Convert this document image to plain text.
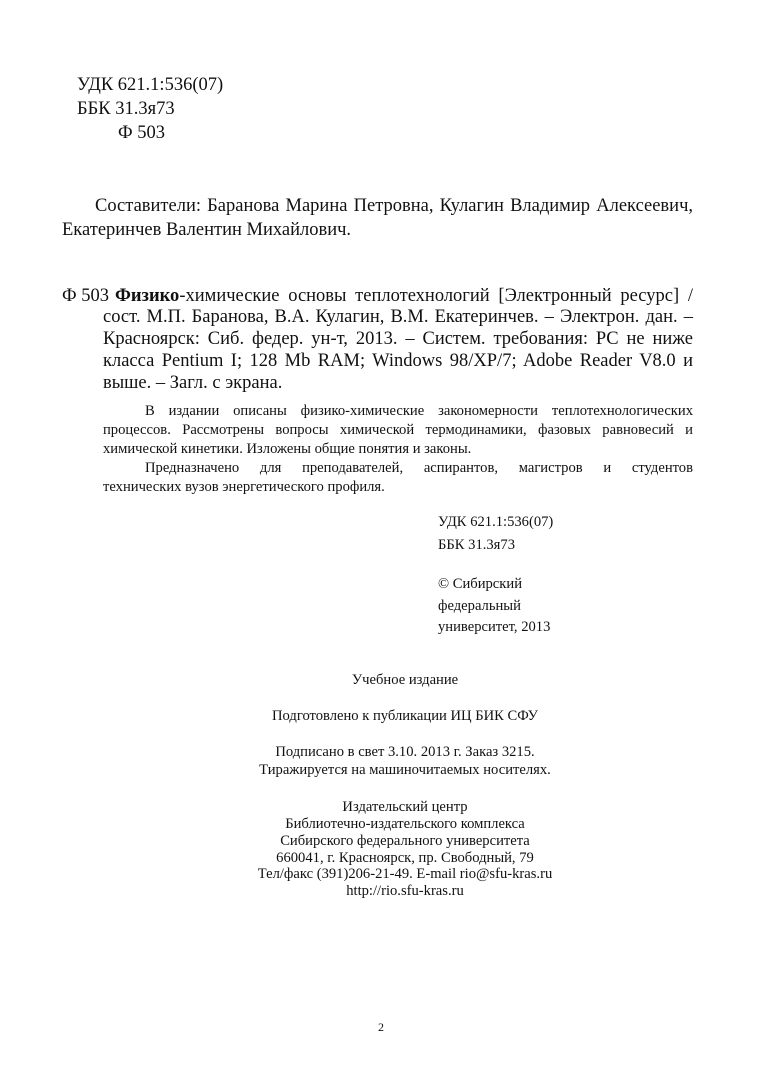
УДК 621.1:536(07)
ББК 31.3я73
Ф 503
Составители: Баранова Марина Петровна, Кулагин Владимир Алексеевич,
Екатеринчев Валентин Михайлович.
Ф 503 Физико -химические основы теплотехнологий [Электронный ресурс] /
сост. М.П. Баранова, В.А. Кулагин, В.М. Екатеринчев. – Электрон. дан. –
Красноярск: Сиб. федер. ун-т, 2013. – Систем. требования: PC не ниже
класса Pentium I; 128 Mb RAM; Windows 98/XP/7; Adobe Reader V8.0 и
выше. – Загл. с экрана.
В издании описаны физико-химические закономерности теплотехнологических
процессов. Рассмотрены вопросы химической термодинамики, фазовых равновесий и
химической кинетики. Изложены общие понятия и законы.
Предназначено для преподавателей, аспирантов, магистров и студентов
технических вузов энергетического профиля.
УДК 621.1:536(07)
ББК 31.3я73
© Сибирский
федеральный
университет, 2013
Учебное издание
Подготовлено к публикации ИЦ БИК СФУ
Подписано в свет 3.10. 2013 г. Заказ 3215.
Тиражируется на машиночитаемых носителях.
Издательский центр
Библиотечно-издательского комплекса
Сибирского федерального университета
660041, г. Красноярск, пр. Свободный, 79
Тел/факс (391)206-21-49. E-mail rio@sfu-kras.ru
http://rio.sfu-kras.ru
2
